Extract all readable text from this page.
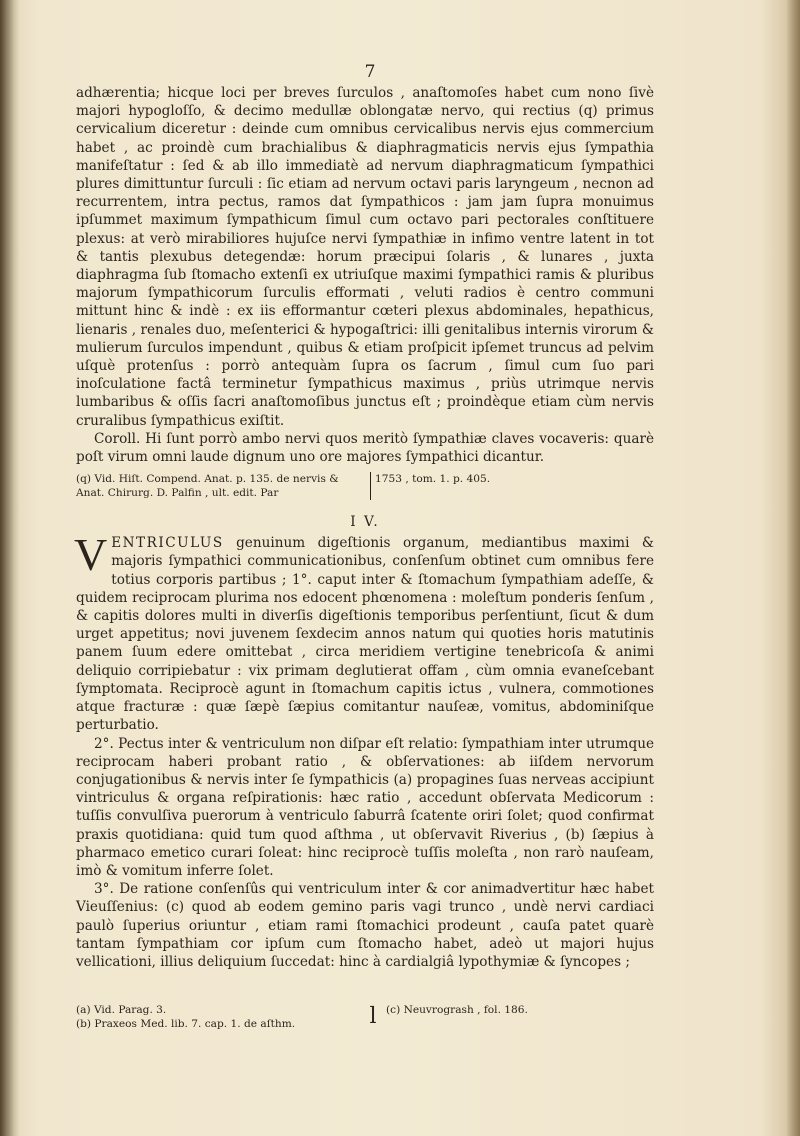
7

adhærentia; hicque loci per breves ſurculos , anaſtomoſes habet cum nono ſivè majori hypogloſſo, & decimo medullæ oblongatæ nervo, qui rectius (q) primus cervicalium diceretur : deinde cum omnibus cervicalibus nervis ejus commercium habet , ac proindè cum brachialibus & diaphragmaticis nervis ejus ſympathia manifeſtatur : ſed & ab illo immediatè ad nervum diaphragmaticum ſympathici plures dimittuntur ſurculi : ſic etiam ad nervum octavi paris laryngeum , necnon ad recurrentem, intra pectus, ramos dat ſympathicos : jam jam ſupra monuimus ipſummet maximum ſympathicum ſimul cum octavo pari pectorales conſtituere plexus: at verò mirabiliores hujuſce nervi ſympathiæ in infimo ventre latent in tot & tantis plexubus detegendæ: horum præcipui ſolaris , & lunares , juxta diaphragma ſub ſtomacho extenſi ex utriuſque maximi ſympathici ramis & pluribus majorum ſympathicorum ſurculis efformati , veluti radios è centro communi mittunt hinc & indè : ex iis efformantur cœteri plexus abdominales, hepathicus, lienaris , renales duo, meſenterici & hypogaſtrici: illi genitalibus internis virorum & mulierum ſurculos impendunt , quibus & etiam proſpicit ipſemet truncus ad pelvim uſquè protenſus : porrò antequàm ſupra os ſacrum , ſimul cum ſuo pari inoſculatione factâ terminetur ſympathicus maximus , priùs utrimque nervis lumbaribus & oſſis ſacri anaſtomoſibus junctus eſt ; proindèque etiam cùm nervis cruralibus ſympathicus exiſtit.

Coroll. Hi ſunt porrò ambo nervi quos meritò ſympathiæ claves vocaveris: quarè poſt virum omni laude dignum uno ore majores ſympathici dicantur.

(q) Vid. Hiſt. Compend. Anat. p. 135. de nervis & Anat. Chirurg. D. Palfin , ult. edit. Par
1753 , tom. 1. p. 405.
I V.
V ENTRICULUS genuinum digeſtionis organum, mediantibus maximi & majoris ſympathici communicationibus, conſenſum obtinet cum omnibus fere totius corporis partibus ; 1°. caput inter & ſtomachum ſympathiam adeſſe, & quidem reciprocam plurima nos edocent phœnomena : moleſtum ponderis ſenſum , & capitis dolores multi in diverſis digeſtionis temporibus perſentiunt, ſicut & dum urget appetitus; novi juvenem ſexdecim annos natum qui quoties horis matutinis panem ſuum edere omittebat , circa meridiem vertigine tenebricoſa & animi deliquio corripiebatur : vix primam deglutierat offam , cùm omnia evaneſcebant ſymptomata. Reciprocè agunt in ſtomachum capitis ictus , vulnera, commotiones atque fracturæ : quæ ſæpè ſæpius comitantur nauſeæ, vomitus, abdominiſque perturbatio.

2°. Pectus inter & ventriculum non diſpar eſt relatio: ſympathiam inter utrumque reciprocam haberi probant ratio , & obſervationes: ab iiſdem nervorum conjugationibus & nervis inter ſe ſympathicis (a) propagines ſuas nerveas accipiunt vintriculus & organa reſpirationis: hæc ratio , accedunt obſervata Medicorum : tuſſis convulſiva puerorum à ventriculo ſaburrâ ſcatente oriri ſolet; quod confirmat praxis quotidiana: quid tum quod aſthma , ut obſervavit Riverius , (b) ſæpius à pharmaco emetico curari ſoleat: hinc reciprocè tuſſis moleſta , non rarò nauſeam, imò & vomitum inferre ſolet.

3°. De ratione conſenſûs qui ventriculum inter & cor animadvertitur hæc habet Vieuſſenius: (c) quod ab eodem gemino paris vagi trunco , undè nervi cardiaci paulò ſuperius oriuntur , etiam rami ſtomachici prodeunt , cauſa patet quarè tantam ſympathiam cor ipſum cum ſtomacho habet, adeò ut majori hujus vellicationi, illius deliquium ſuccedat: hinc à cardialgiâ lypothymiæ & ſyncopes ;

(a) Vid. Parag. 3.
(b) Praxeos Med. lib. 7. cap. 1. de aſthm.	l (c) Neuvrogrash , fol. 186.
